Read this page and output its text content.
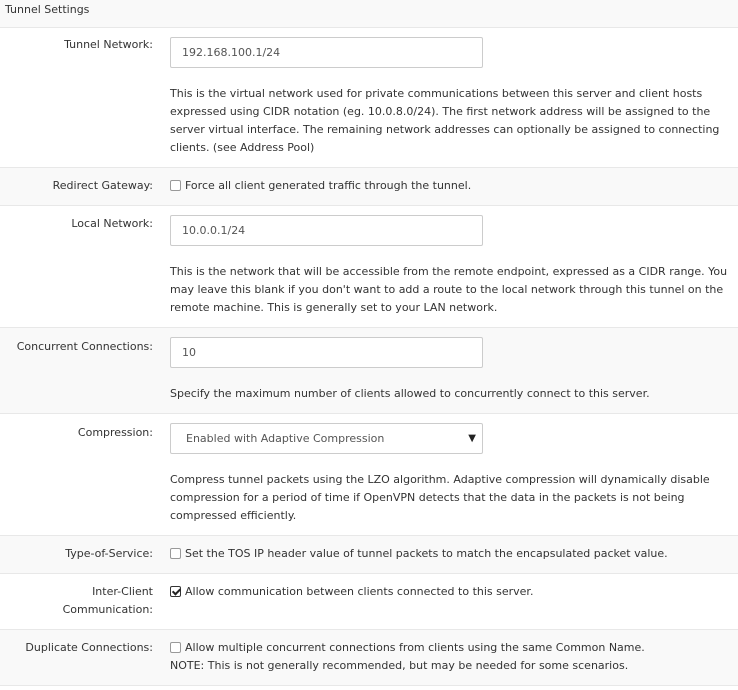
Tunnel Settings
Tunnel Network:
192.168.100.1/24
This is the virtual network used for private communications between this server and client hosts expressed using CIDR notation (eg. 10.0.8.0/24). The first network address will be assigned to the server virtual interface. The remaining network addresses can optionally be assigned to connecting clients. (see Address Pool)
Redirect Gateway:	Force all client generated traffic through the tunnel.
Local Network:
10.0.0.1/24
This is the network that will be accessible from the remote endpoint, expressed as a CIDR range. You may leave this blank if you don't want to add a route to the local network through this tunnel on the remote machine. This is generally set to your LAN network.
Concurrent Connections:	10
Specify the maximum number of clients allowed to concurrently connect to this server.
Compression:	Enabled with Adaptive Compression	▼
Compress tunnel packets using the LZO algorithm. Adaptive compression will dynamically disable compression for a period of time if OpenVPN detects that the data in the packets is not being compressed efficiently.
Type-of-Service:	Set the TOS IP header value of tunnel packets to match the encapsulated packet value.
Inter-Client Communication:
Allow communication between clients connected to this server.
Duplicate Connections:	Allow multiple concurrent connections from clients using the same Common Name.
NOTE: This is not generally recommended, but may be needed for some scenarios.
